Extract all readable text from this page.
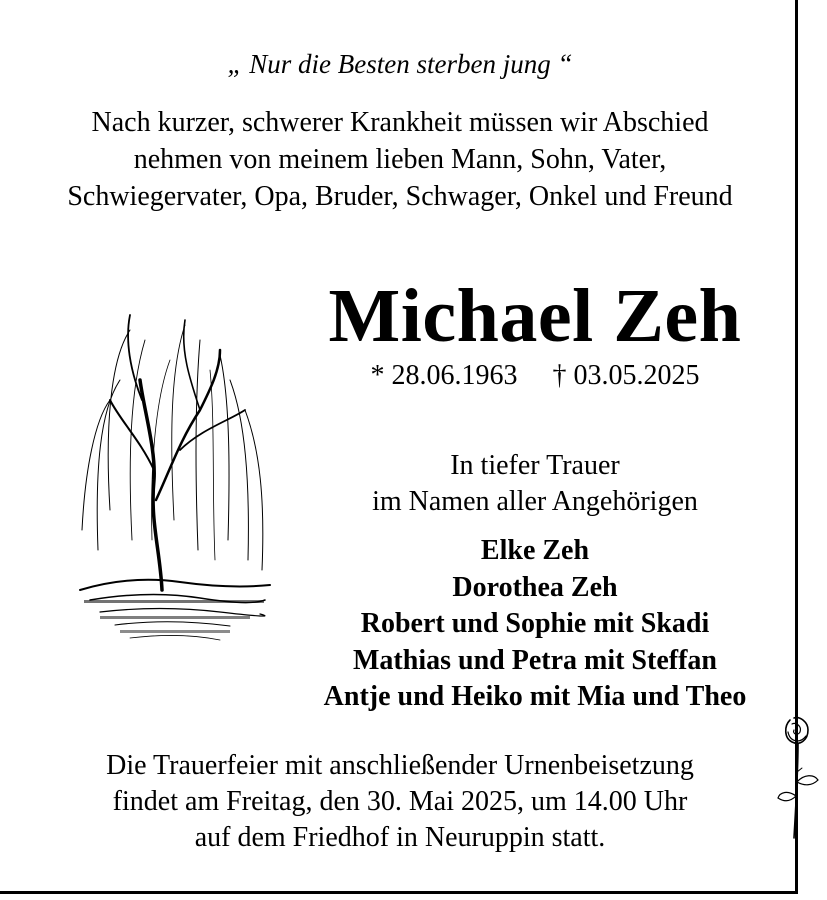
„ Nur die Besten sterben jung “
Nach kurzer, schwerer Krankheit müssen wir Abschied
nehmen von meinem lieben Mann, Sohn, Vater,
Schwiegervater, Opa, Bruder, Schwager, Onkel und Freund
Michael Zeh
* 28.06.1963 † 03.05.2025
In tiefer Trauer
im Namen aller Angehörigen
Elke Zeh
Dorothea Zeh
Robert und Sophie mit Skadi
Mathias und Petra mit Steffan
Antje und Heiko mit Mia und Theo
Die Trauerfeier mit anschließender Urnenbeisetzung
findet am Freitag, den 30. Mai 2025, um 14.00 Uhr
auf dem Friedhof in Neuruppin statt.
